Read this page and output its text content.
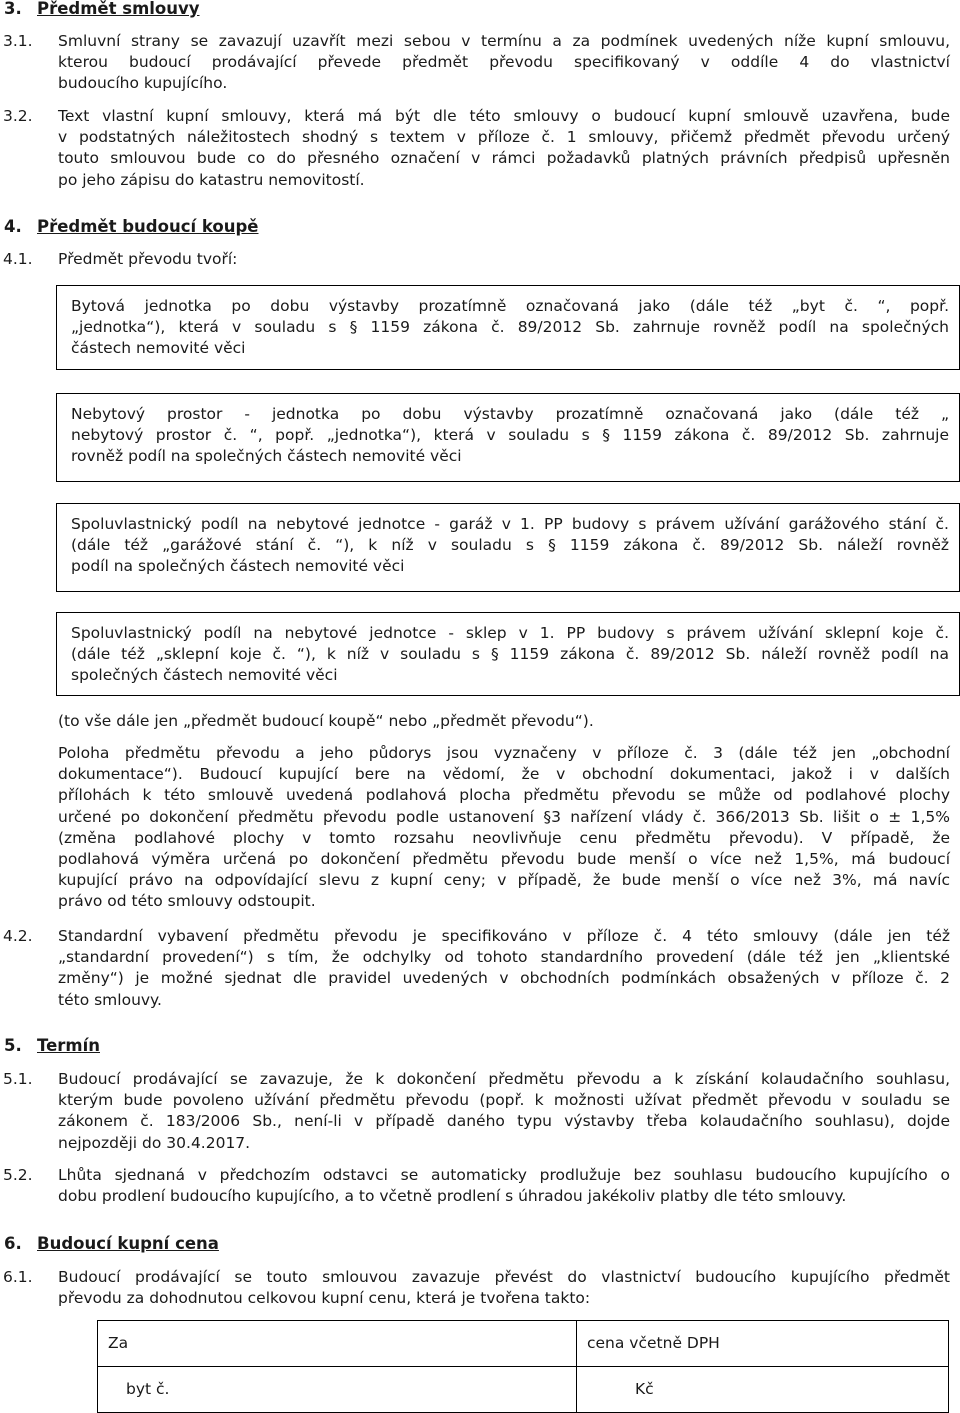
3. Předmět smlouvy
3.1. Smluvní strany se zavazují uzavřít mezi sebou v termínu a za podmínek uvedených níže kupní smlouvu,
kterou budoucí prodávající převede předmět převodu specifikovaný v oddíle 4 do vlastnictví
budoucího kupujícího.
3.2. Text vlastní kupní smlouvy, která má být dle této smlouvy o budoucí kupní smlouvě uzavřena, bude
v podstatných náležitostech shodný s textem v příloze č. 1 smlouvy, přičemž předmět převodu určený
touto smlouvou bude co do přesného označení v rámci požadavků platných právních předpisů upřesněn
po jeho zápisu do katastru nemovitostí.
4. Předmět budoucí koupě
4.1. Předmět převodu tvoří:
Bytová jednotka po dobu výstavby prozatímně označovaná jako (dále též „byt č. “, popř.
„jednotka“), která v souladu s § 1159 zákona č. 89/2012 Sb. zahrnuje rovněž podíl na společných
částech nemovité věci
Nebytový prostor - jednotka po dobu výstavby prozatímně označovaná jako (dále též „
nebytový prostor č. “, popř. „jednotka“), která v souladu s § 1159 zákona č. 89/2012 Sb. zahrnuje
rovněž podíl na společných částech nemovité věci
Spoluvlastnický podíl na nebytové jednotce - garáž v 1. PP budovy s právem užívání garážového stání č.
(dále též „garážové stání č. “), k níž v souladu s § 1159 zákona č. 89/2012 Sb. náleží rovněž
podíl na společných částech nemovité věci
Spoluvlastnický podíl na nebytové jednotce - sklep v 1. PP budovy s právem užívání sklepní koje č.
(dále též „sklepní koje č. “), k níž v souladu s § 1159 zákona č. 89/2012 Sb. náleží rovněž podíl na
společných částech nemovité věci
(to vše dále jen „předmět budoucí koupě“ nebo „předmět převodu“).
Poloha předmětu převodu a jeho půdorys jsou vyznačeny v příloze č. 3 (dále též jen „obchodní
dokumentace“). Budoucí kupující bere na vědomí, že v obchodní dokumentaci, jakož i v dalších
přílohách k této smlouvě uvedená podlahová plocha předmětu převodu se může od podlahové plochy
určené po dokončení předmětu převodu podle ustanovení §3 nařízení vlády č. 366/2013 Sb. lišit o ± 1,5%
(změna podlahové plochy v tomto rozsahu neovlivňuje cenu předmětu převodu). V případě, že
podlahová výměra určená po dokončení předmětu převodu bude menší o více než 1,5%, má budoucí
kupující právo na odpovídající slevu z kupní ceny; v případě, že bude menší o více než 3%, má navíc
právo od této smlouvy odstoupit.
4.2. Standardní vybavení předmětu převodu je specifikováno v příloze č. 4 této smlouvy (dále jen též
„standardní provedení“) s tím, že odchylky od tohoto standardního provedení (dále též jen „klientské
změny“) je možné sjednat dle pravidel uvedených v obchodních podmínkách obsažených v příloze č. 2
této smlouvy.
5. Termín
5.1. Budoucí prodávající se zavazuje, že k dokončení předmětu převodu a k získání kolaudačního souhlasu,
kterým bude povoleno užívání předmětu převodu (popř. k možnosti užívat předmět převodu v souladu se
zákonem č. 183/2006 Sb., není-li v případě daného typu výstavby třeba kolaudačního souhlasu), dojde
nejpozději do 30.4.2017.
5.2. Lhůta sjednaná v předchozím odstavci se automaticky prodlužuje bez souhlasu budoucího kupujícího o
dobu prodlení budoucího kupujícího, a to včetně prodlení s úhradou jakékoliv platby dle této smlouvy.
6. Budoucí kupní cena
6.1. Budoucí prodávající se touto smlouvou zavazuje převést do vlastnictví budoucího kupujícího předmět
převodu za dohodnutou celkovou kupní cenu, která je tvořena takto:
Za	cena včetně DPH
byt č.	Kč
